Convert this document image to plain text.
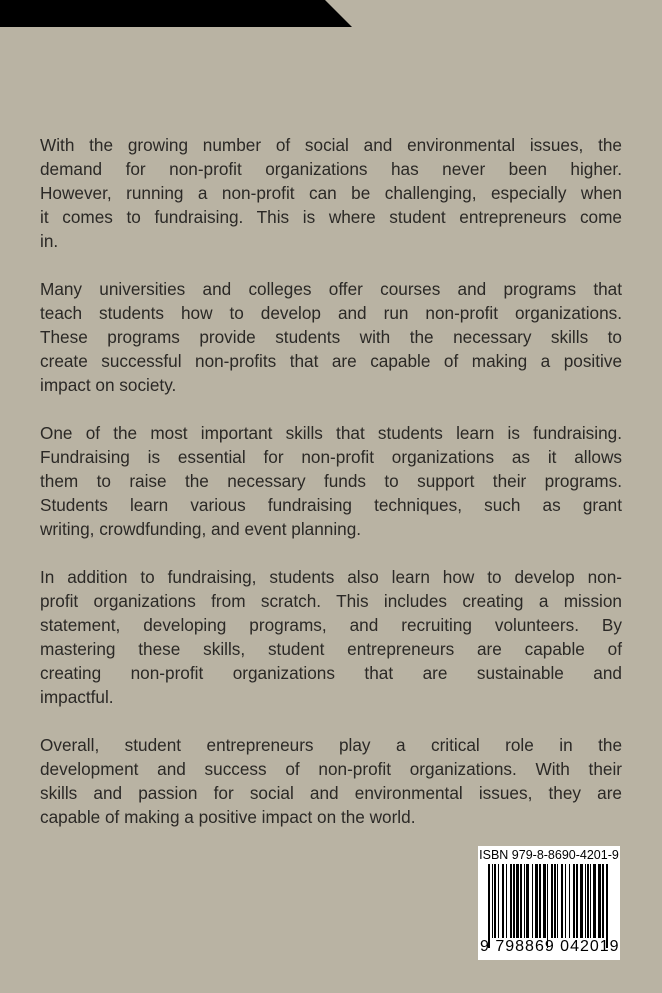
With the growing number of social and environmental issues, the
demand for non-profit organizations has never been higher.
However, running a non-profit can be challenging, especially when
it comes to fundraising. This is where student entrepreneurs come
in.
Many universities and colleges offer courses and programs that
teach students how to develop and run non-profit organizations.
These programs provide students with the necessary skills to
create successful non-profits that are capable of making a positive
impact on society.
One of the most important skills that students learn is fundraising.
Fundraising is essential for non-profit organizations as it allows
them to raise the necessary funds to support their programs.
Students learn various fundraising techniques, such as grant
writing, crowdfunding, and event planning.
In addition to fundraising, students also learn how to develop non-
profit organizations from scratch. This includes creating a mission
statement, developing programs, and recruiting volunteers. By
mastering these skills, student entrepreneurs are capable of
creating non-profit organizations that are sustainable and
impactful.
Overall, student entrepreneurs play a critical role in the
development and success of non-profit organizations. With their
skills and passion for social and environmental issues, they are
capable of making a positive impact on the world.
ISBN 979-8-8690-4201-9
9 798869 042019
